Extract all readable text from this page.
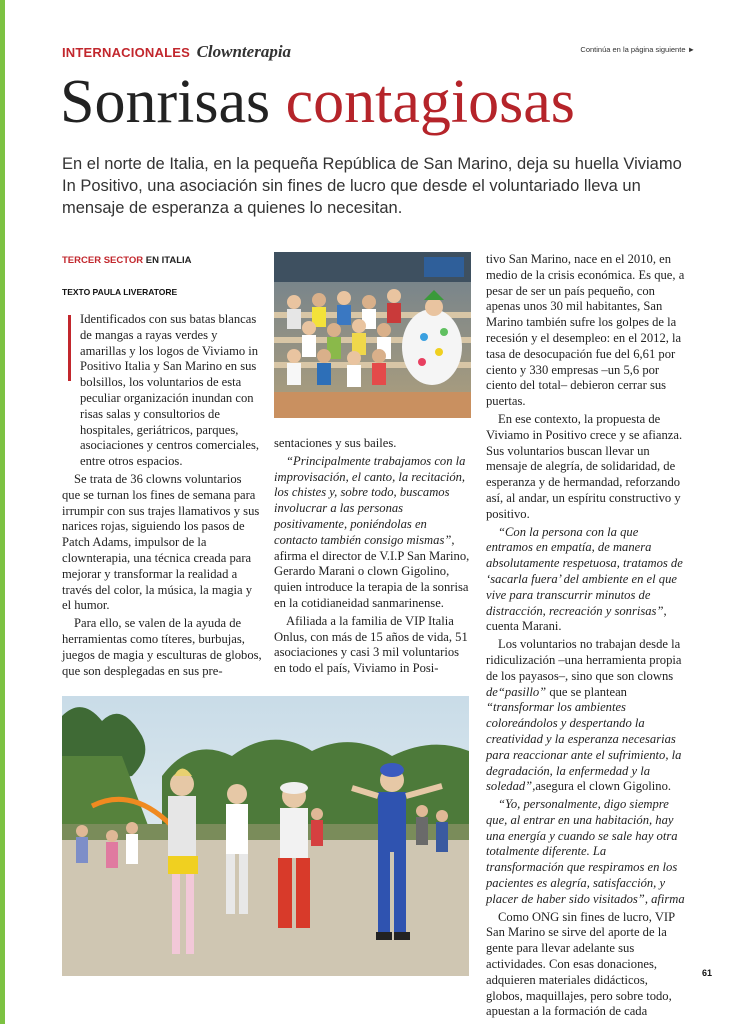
INTERNACIONALES Clownterapia	Continúa en la página siguiente ►
Sonrisas contagiosas
En el norte de Italia, en la pequeña República de San Marino, deja su huella Viviamo In Positivo, una asociación sin fines de lucro que desde el voluntariado lleva un mensaje de esperanza a quienes lo necesitan.
TERCER SECTOR EN ITALIA
TEXTO PAULA LIVERATORE

Identificados con sus batas blancas de mangas a rayas verdes y amarillas y los logos de Viviamo in Positivo Italia y San Marino en sus bolsillos, los voluntarios de esta peculiar organización inundan con risas salas y consultorios de hospitales, geriátricos, parques, asociaciones y centros comerciales, entre otros espacios.

Se trata de 36 clowns voluntarios que se turnan los fines de semana para irrumpir con sus trajes llamativos y sus narices rojas, siguiendo los pasos de Patch Adams, impulsor de la clownterapia, una técnica creada para mejorar y transformar la realidad a través del color, la música, la magia y el humor.

Para ello, se valen de la ayuda de herramientas como títeres, burbujas, juegos de magia y esculturas de globos, que son desplegadas en sus pre-

sentaciones y sus bailes.

“Principalmente trabajamos con la improvisación, el canto, la recitación, los chistes y, sobre todo, buscamos involucrar a las personas positivamente, poniéndolas en contacto también consigo mismas”, afirma el director de V.I.P San Marino, Gerardo Marani o clown Gigolino, quien introduce la terapia de la sonrisa en la cotidianeidad sanmarinense.

Afiliada a la familia de VIP Italia Onlus, con más de 15 años de vida, 51 asociaciones y casi 3 mil voluntarios en todo el país, Viviamo in Posi-

tivo San Marino, nace en el 2010, en medio de la crisis económica. Es que, a pesar de ser un país pequeño, con apenas unos 30 mil habitantes, San Marino también sufre los golpes de la recesión y el desempleo: en el 2012, la tasa de desocupación fue del 6,61 por ciento y 330 empresas –un 5,6 por ciento del total– debieron cerrar sus puertas.

En ese contexto, la propuesta de Viviamo in Positivo crece y se afianza. Sus voluntarios buscan llevar un mensaje de alegría, de solidaridad, de esperanza y de hermandad, reforzando así, al andar, un espíritu constructivo y positivo.

“Con la persona con la que entramos en empatía, de manera absolutamente respetuosa, tratamos de ‘sacarla fuera’ del ambiente en el que vive para transcurrir minutos de distracción, recreación y sonrisas”, cuenta Marani.

Los voluntarios no trabajan desde la ridiculización –una herramienta propia de los payasos–, sino que son clowns de“pasillo” que se plantean “transformar los ambientes coloreándolos y despertando la creatividad y la esperanza necesarias para reaccionar ante el sufrimiento, la degradación, la enfermedad y la soledad”,asegura el clown Gigolino.

“Yo, personalmente, digo siempre que, al entrar en una habitación, hay una energía y cuando se sale hay otra totalmente diferente. La transformación que respiramos en los pacientes es alegría, satisfacción, y placer de haber sido visitados”, afirma

Como ONG sin fines de lucro, VIP San Marino se sirve del aporte de la gente para llevar adelante sus actividades. Con esas donaciones, adquieren materiales didácticos, globos, maquillajes, pero sobre todo, apuestan a la formación de cada

61
